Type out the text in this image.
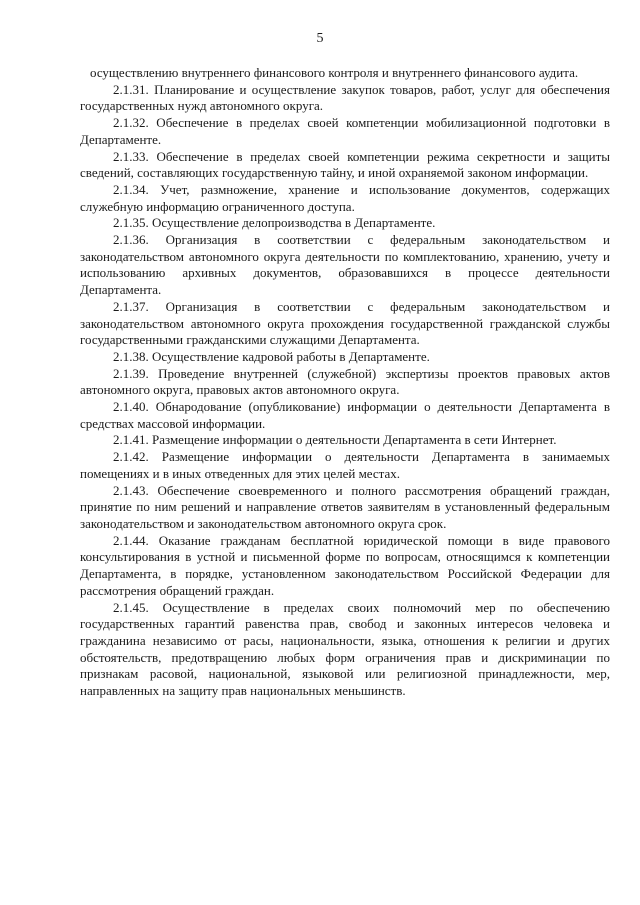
5

осуществлению внутреннего финансового контроля и внутреннего финансового аудита.

2.1.31. Планирование и осуществление закупок товаров, работ, услуг для обеспечения государственных нужд автономного округа.

2.1.32. Обеспечение в пределах своей компетенции мобилизационной подготовки в Департаменте.

2.1.33. Обеспечение в пределах своей компетенции режима секретности и защиты сведений, составляющих государственную тайну, и иной охраняемой законом информации.

2.1.34. Учет, размножение, хранение и использование документов, содержащих служебную информацию ограниченного доступа.

2.1.35. Осуществление делопроизводства в Департаменте.

2.1.36. Организация в соответствии с федеральным законодательством и законодательством автономного округа деятельности по комплектованию, хранению, учету и использованию архивных документов, образовавшихся в процессе деятельности Департамента.

2.1.37. Организация в соответствии с федеральным законодательством и законодательством автономного округа прохождения государственной гражданской службы государственными гражданскими служащими Департамента.

2.1.38. Осуществление кадровой работы в Департаменте.

2.1.39. Проведение внутренней (служебной) экспертизы проектов правовых актов автономного округа, правовых актов автономного округа.

2.1.40. Обнародование (опубликование) информации о деятельности Департамента в средствах массовой информации.

2.1.41. Размещение информации о деятельности Департамента в сети Интернет.

2.1.42. Размещение информации о деятельности Департамента в занимаемых помещениях и в иных отведенных для этих целей местах.

2.1.43. Обеспечение своевременного и полного рассмотрения обращений граждан, принятие по ним решений и направление ответов заявителям в установленный федеральным законодательством и законодательством автономного округа срок.

2.1.44. Оказание гражданам бесплатной юридической помощи в виде правового консультирования в устной и письменной форме по вопросам, относящимся к компетенции Департамента, в порядке, установленном законодательством Российской Федерации для рассмотрения обращений граждан.

2.1.45. Осуществление в пределах своих полномочий мер по обеспечению государственных гарантий равенства прав, свобод и законных интересов человека и гражданина независимо от расы, национальности, языка, отношения к религии и других обстоятельств, предотвращению любых форм ограничения прав и дискриминации по признакам расовой, национальной, языковой или религиозной принадлежности, мер, направленных на защиту прав национальных меньшинств.
